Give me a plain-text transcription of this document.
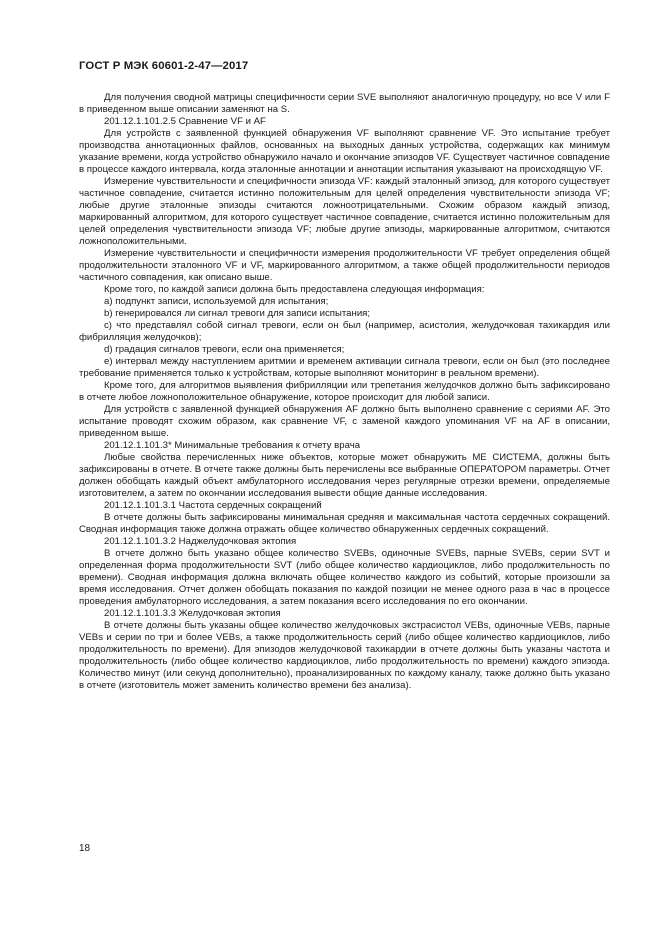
ГОСТ Р МЭК 60601-2-47—2017

Для получения сводной матрицы специфичности серии SVE выполняют аналогичную процедуру, но все V или F в приведенном выше описании заменяют на S.

201.12.1.101.2.5 Сравнение VF и AF

Для устройств с заявленной функцией обнаружения VF выполняют сравнение VF. Это испытание требует производства аннотационных файлов, основанных на выходных данных устройства, содержащих как минимум указание времени, когда устройство обнаружило начало и окончание эпизодов VF. Существует частичное совпадение в процессе каждого интервала, когда эталонные аннотации и аннотации испытания указывают на происходящую VF.

Измерение чувствительности и специфичности эпизода VF: каждый эталонный эпизод, для которого существует частичное совпадение, считается истинно положительным для целей определения чувствительности эпизода VF; любые другие эталонные эпизоды считаются ложноотрицательными. Схожим образом каждый эпизод, маркированный алгоритмом, для которого существует частичное совпадение, считается истинно положительным для целей определения чувствительности эпизода VF; любые другие эпизоды, маркированные алгоритмом, считаются ложноположительными.

Измерение чувствительности и специфичности измерения продолжительности VF требует определения общей продолжительности эталонного VF и VF, маркированного алгоритмом, а также общей продолжительности периодов частичного совпадения, как описано выше.

Кроме того, по каждой записи должна быть предоставлена следующая информация:

а) подпункт записи, используемой для испытания;

b) генерировался ли сигнал тревоги для записи испытания;

c) что представлял собой сигнал тревоги, если он был (например, асистолия, желудочковая тахикардия или фибрилляция желудочков);

d) градация сигналов тревоги, если она применяется;

e) интервал между наступлением аритмии и временем активации сигнала тревоги, если он был (это последнее требование применяется только к устройствам, которые выполняют мониторинг в реальном времени).

Кроме того, для алгоритмов выявления фибрилляции или трепетания желудочков должно быть зафиксировано в отчете любое ложноположительное обнаружение, которое происходит для любой записи.

Для устройств с заявленной функцией обнаружения AF должно быть выполнено сравнение с сериями AF. Это испытание проводят схожим образом, как сравнение VF, с заменой каждого упоминания VF на AF в описании, приведенном выше.

201.12.1.101.3* Минимальные требования к отчету врача

Любые свойства перечисленных ниже объектов, которые может обнаружить МЕ СИСТЕМА, должны быть зафиксированы в отчете. В отчете также должны быть перечислены все выбранные ОПЕРАТОРОМ параметры. Отчет должен обобщать каждый объект амбулаторного исследования через регулярные отрезки времени, определяемые изготовителем, а затем по окончании исследования вывести общие данные исследования.

201.12.1.101.3.1 Частота сердечных сокращений

В отчете должны быть зафиксированы минимальная средняя и максимальная частота сердечных сокращений. Сводная информация также должна отражать общее количество обнаруженных сердечных сокращений.

201.12.1.101.3.2 Наджелудочковая эктопия

В отчете должно быть указано общее количество SVEBs, одиночные SVEBs, парные SVEBs, серии SVT и определенная форма продолжительности SVT (либо общее количество кардиоциклов, либо продолжительность по времени). Сводная информация должна включать общее количество каждого из событий, которые произошли за время исследования. Отчет должен обобщать показания по каждой позиции не менее одного раза в час в процессе проведения амбулаторного исследования, а затем показания всего исследования по его окончании.

201.12.1.101.3.3 Желудочковая эктопия

В отчете должны быть указаны общее количество желудочковых экстрасистол VEBs, одиночные VEBs, парные VEBs и серии по три и более VEBs, а также продолжительность серий (либо общее количество кардиоциклов, либо продолжительность по времени). Для эпизодов желудочковой тахикардии в отчете должны быть указаны частота и продолжительность (либо общее количество кардиоциклов, либо продолжительность по времени) каждого эпизода. Количество минут (или секунд дополнительно), проанализированных по каждому каналу, также должно быть указано в отчете (изготовитель может заменить количество времени без анализа).

18
